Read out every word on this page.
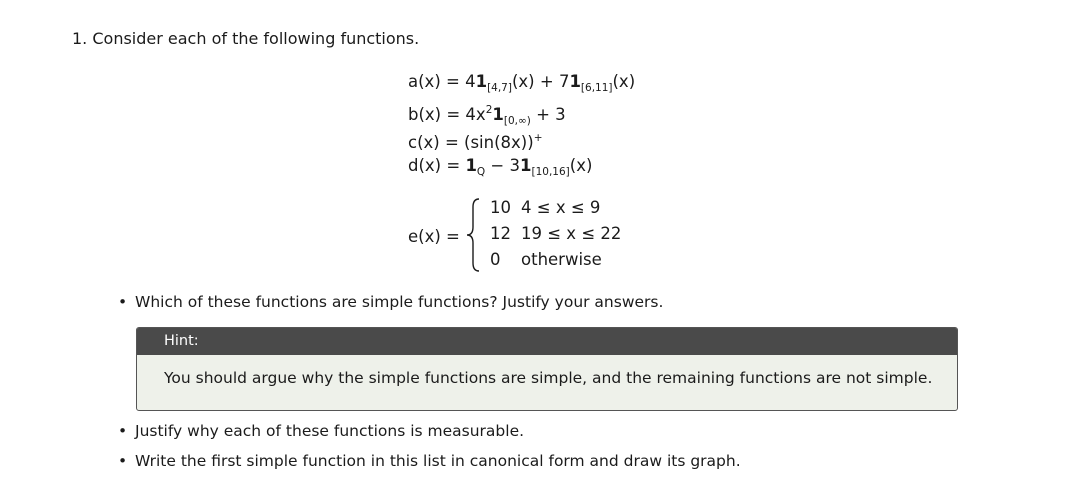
1. Consider each of the following functions.
$a(x) = 41_{[4,7]}(x) + 71_{[6,11]}(x)$
$b(x) = 4x^21_{[0,\infty)} + 3$
c(x) = (sin(8x))+
$d(x) = 1_Q - 31_{[10,16]}(x)$
e(x) =
10 4 ≤ x ≤ 9
12 19 ≤ x ≤ 22
0 otherwise
• Which of these functions are simple functions? Justify your answers.
Hint:
You should argue why the simple functions are simple, and the remaining functions are not simple.
• Justify why each of these functions is measurable.
• Write the first simple function in this list in canonical form and draw its graph.
